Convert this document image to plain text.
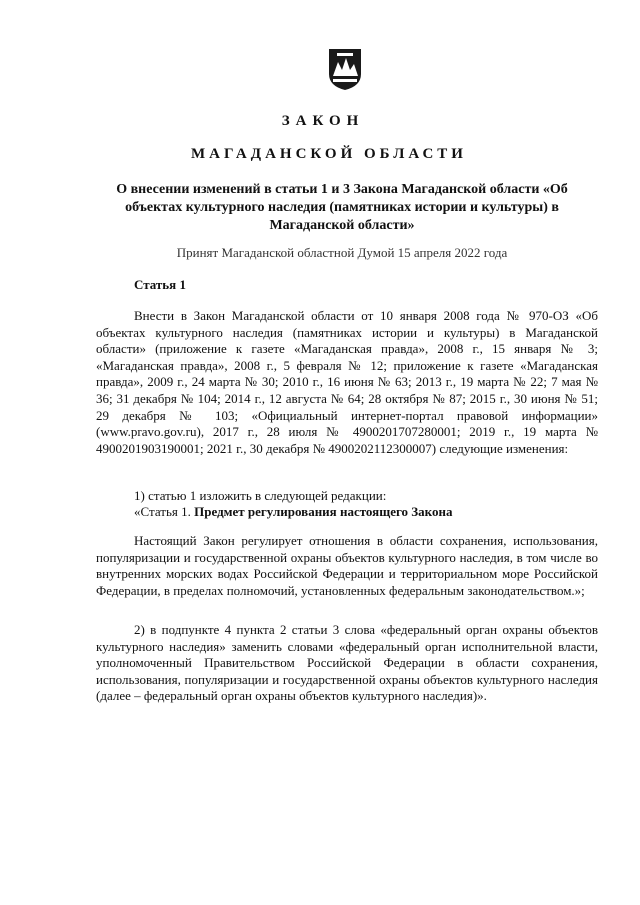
ЗАКОН
МАГАДАНСКОЙ ОБЛАСТИ
О внесении изменений в статьи 1 и 3 Закона Магаданской области «Об объектах культурного наследия (памятниках истории и культуры) в Магаданской области»
Принят Магаданской областной Думой 15 апреля 2022 года
Статья 1
Внести в Закон Магаданской области от 10 января 2008 года № 970-ОЗ «Об объектах культурного наследия (памятниках истории и культуры) в Магаданской области» (приложение к газете «Магаданская правда», 2008 г., 15 января № 3; «Магаданская правда», 2008 г., 5 февраля № 12; приложение к газете «Магаданская правда», 2009 г., 24 марта № 30; 2010 г., 16 июня № 63; 2013 г., 19 марта № 22; 7 мая № 36; 31 декабря № 104; 2014 г., 12 августа № 64; 28 октября № 87; 2015 г., 30 июня № 51; 29 декабря № 103; «Официальный интернет-портал правовой информации» (www.pravo.gov.ru), 2017 г., 28 июля № 4900201707280001; 2019 г., 19 марта № 4900201903190001; 2021 г., 30 декабря № 4900202112300007) следующие изменения:
1) статью 1 изложить в следующей редакции:
«Статья 1. Предмет регулирования настоящего Закона
Настоящий Закон регулирует отношения в области сохранения, использования, популяризации и государственной охраны объектов культурного наследия, в том числе во внутренних морских водах Российской Федерации и территориальном море Российской Федерации, в пределах полномочий, установленных федеральным законодательством.»;
2) в подпункте 4 пункта 2 статьи 3 слова «федеральный орган охраны объектов культурного наследия» заменить словами «федеральный орган исполнительной власти, уполномоченный Правительством Российской Федерации в области сохранения, использования, популяризации и государственной охраны объектов культурного наследия (далее – федеральный орган охраны объектов культурного наследия)».
